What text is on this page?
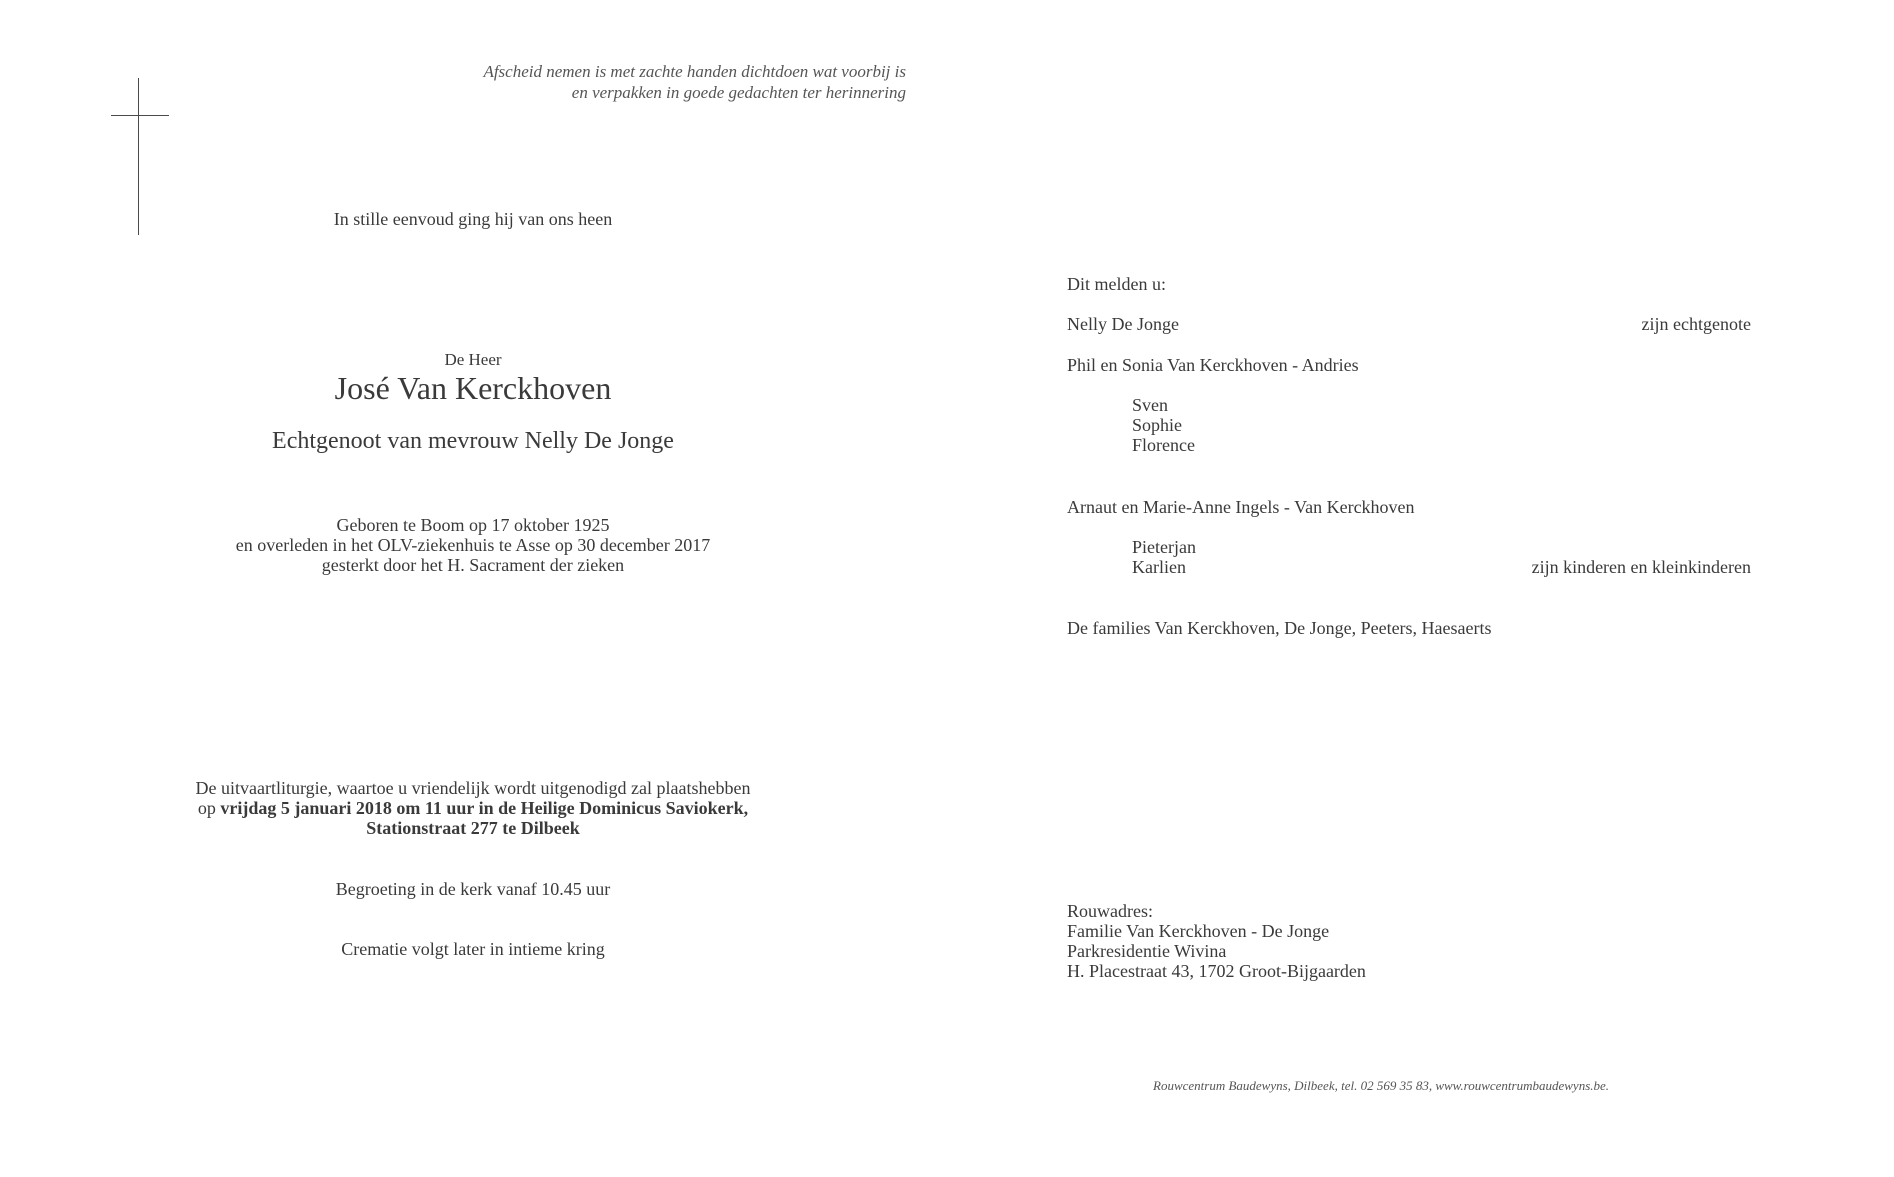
Afscheid nemen is met zachte handen dichtdoen wat voorbij is
en verpakken in goede gedachten ter herinnering
In stille eenvoud ging hij van ons heen
De Heer
José Van Kerckhoven
Echtgenoot van mevrouw Nelly De Jonge
Geboren te Boom op 17 oktober 1925
en overleden in het OLV-ziekenhuis te Asse op 30 december 2017
gesterkt door het H. Sacrament der zieken
De uitvaartliturgie, waartoe u vriendelijk wordt uitgenodigd zal plaatshebben
op vrijdag 5 januari 2018 om 11 uur in de Heilige Dominicus Saviokerk,
Stationstraat 277 te Dilbeek
Begroeting in de kerk vanaf 10.45 uur
Crematie volgt later in intieme kring
Dit melden u:
Nelly De Jonge	zijn echtgenote
Phil en Sonia Van Kerckhoven - Andries
Sven
Sophie
Florence
Arnaut en Marie-Anne Ingels - Van Kerckhoven
Pieterjan
Karlien	zijn kinderen en kleinkinderen
De families Van Kerckhoven, De Jonge, Peeters, Haesaerts
Rouwadres:
Familie Van Kerckhoven - De Jonge
Parkresidentie Wivina
H. Placestraat 43, 1702 Groot-Bijgaarden
Rouwcentrum Baudewyns, Dilbeek, tel. 02 569 35 83, www.rouwcentrumbaudewyns.be.
